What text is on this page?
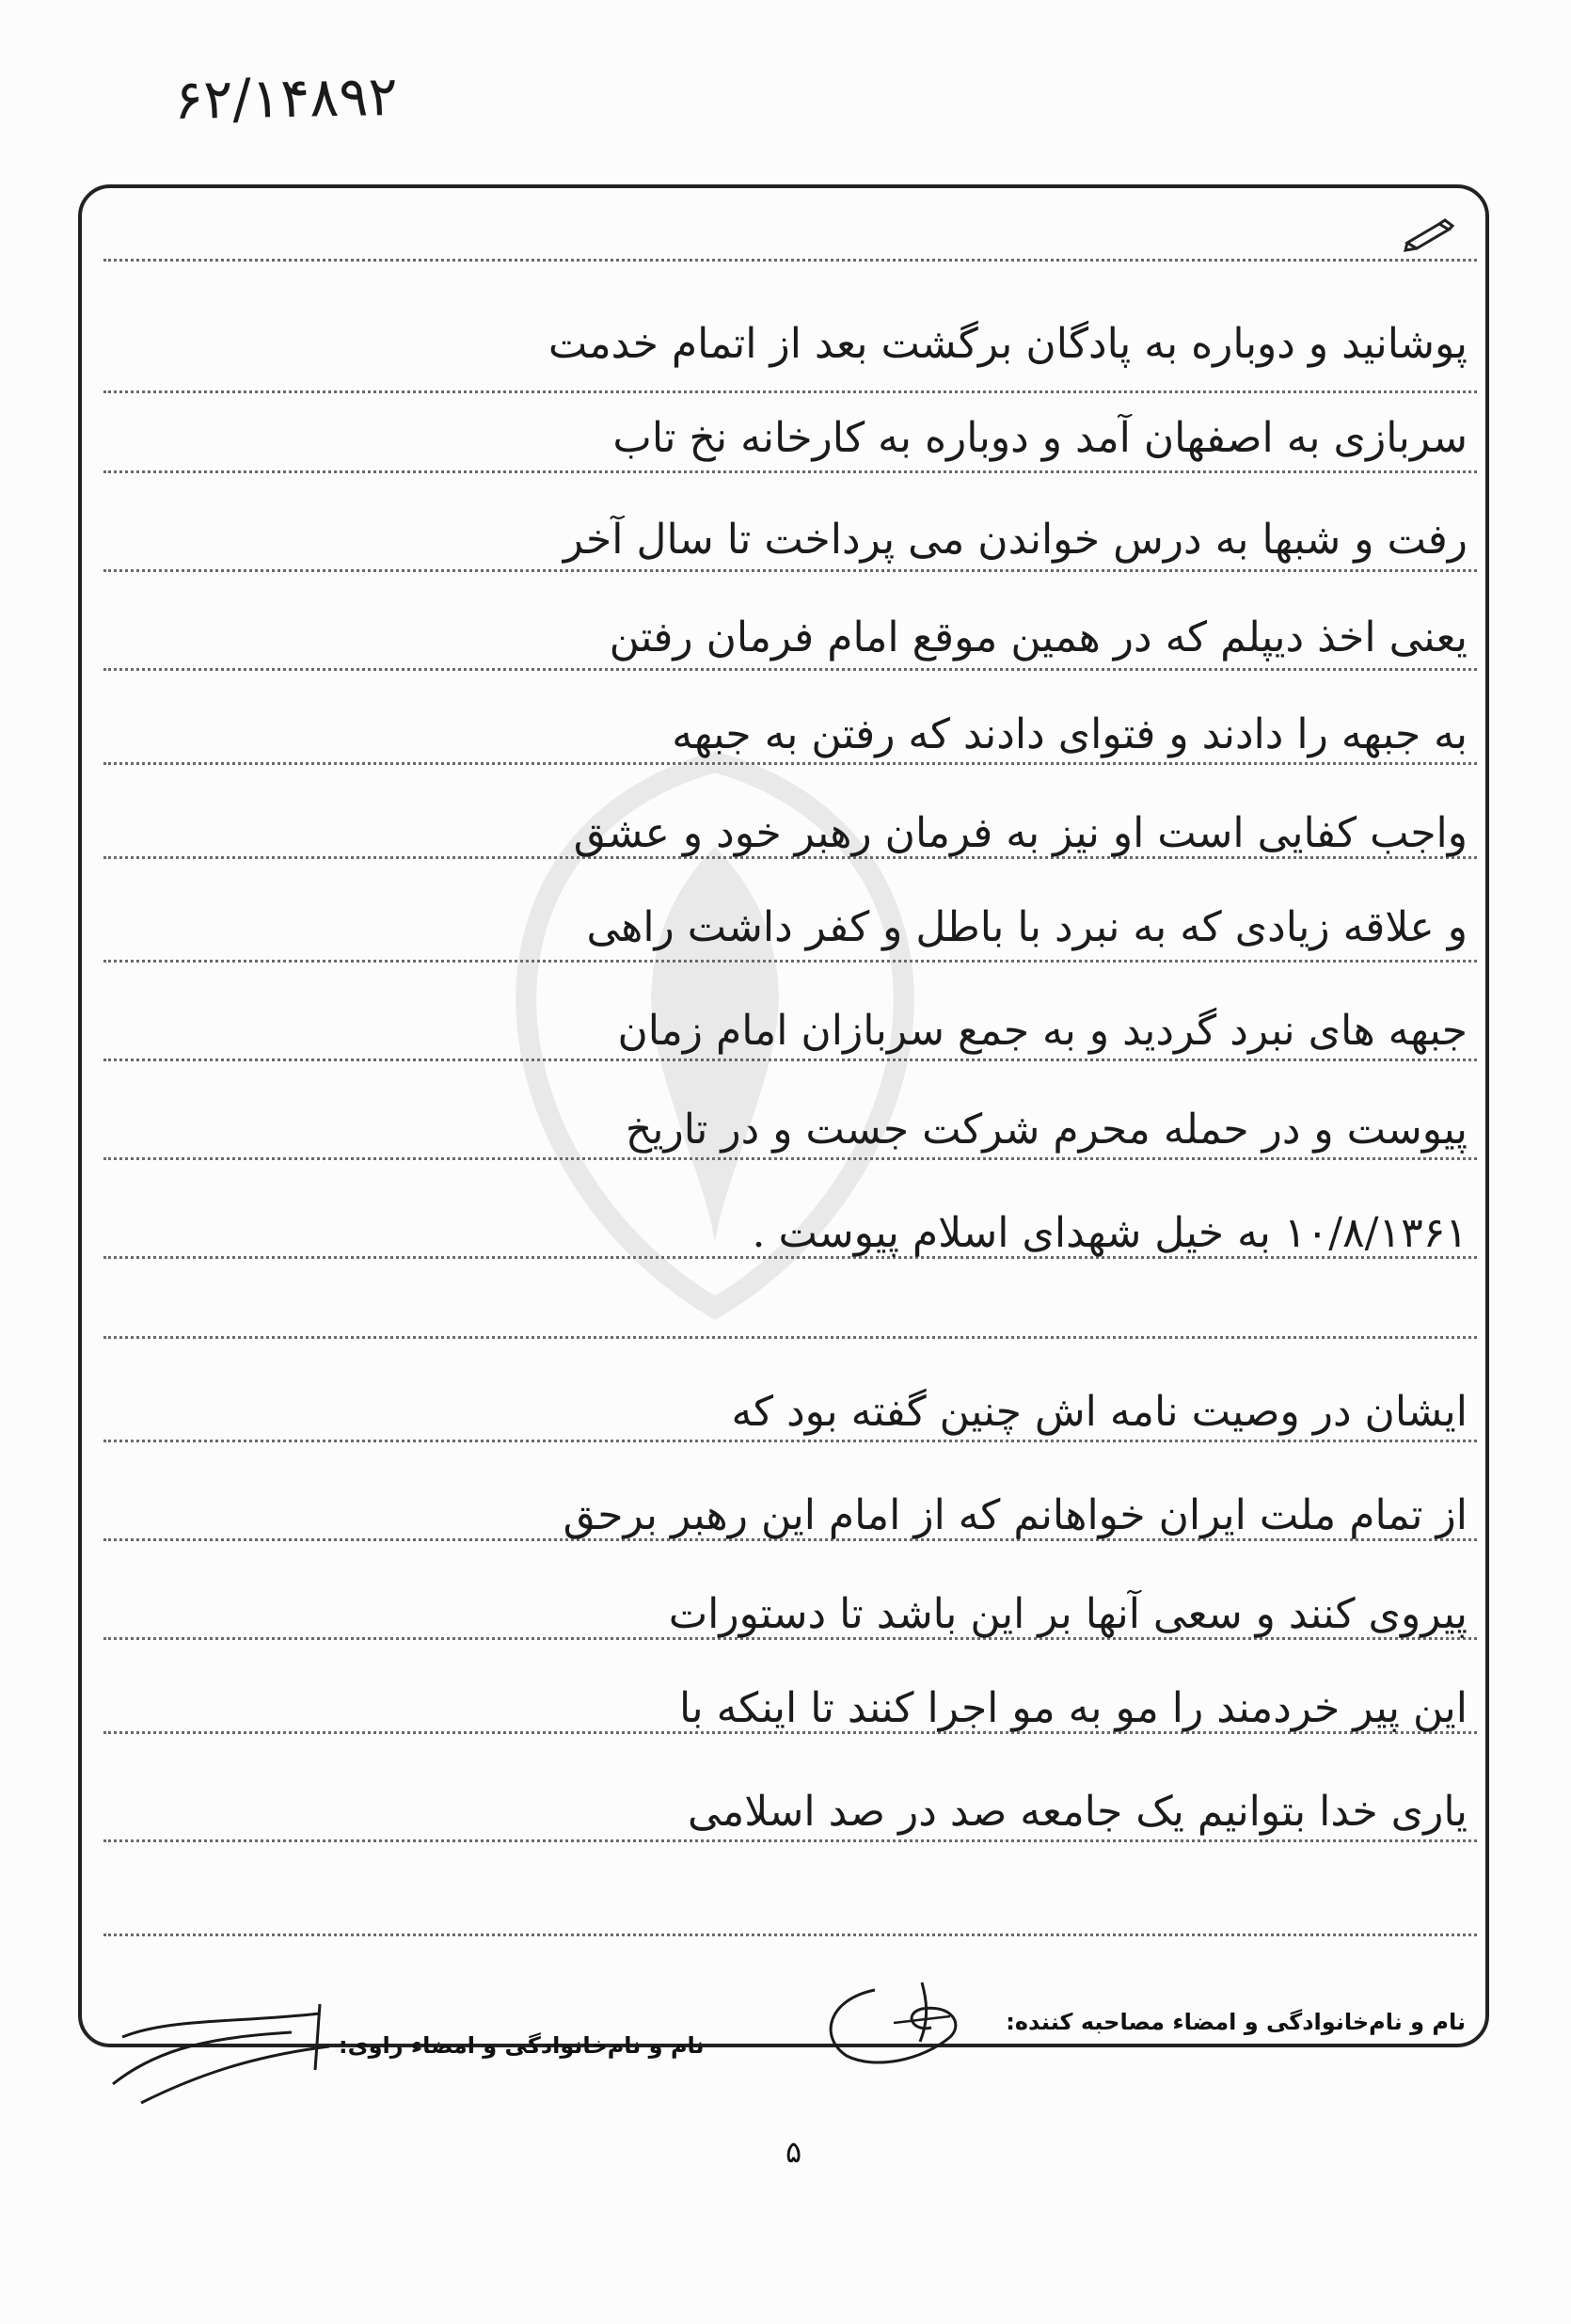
۶۲/۱۴۸۹۲
پوشانید و دوباره به پادگان برگشت بعد از اتمام خدمت
سربازی به اصفهان آمد و دوباره به کارخانه نخ تاب
رفت و شبها به درس خواندن می پرداخت تا سال آخر
یعنی اخذ دیپلم که در همین موقع امام فرمان رفتن
به جبهه را دادند و فتوای دادند که رفتن به جبهه
واجب کفایی است او نیز به فرمان رهبر خود و عشق
و علاقه زیادی که به نبرد با باطل و کفر داشت راهی
جبهه های نبرد گردید و به جمع سربازان امام زمان
پیوست و در حمله محرم شرکت جست و در تاریخ
۱۰/۸/۱۳۶۱ به خیل شهدای اسلام پیوست .
ایشان در وصیت نامه اش چنین گفته بود که
از تمام ملت ایران خواهانم که از امام این رهبر برحق
پیروی کنند و سعی آنها بر این باشد تا دستورات
این پیر خردمند را مو به مو اجرا کنند تا اینکه با
یاری خدا بتوانیم یک جامعه صد در صد اسلامی
نام و نام‌خانوادگی و امضاء مصاحبه کننده:
نام و نام‌خانوادگی و امضاء راوی:
۵
